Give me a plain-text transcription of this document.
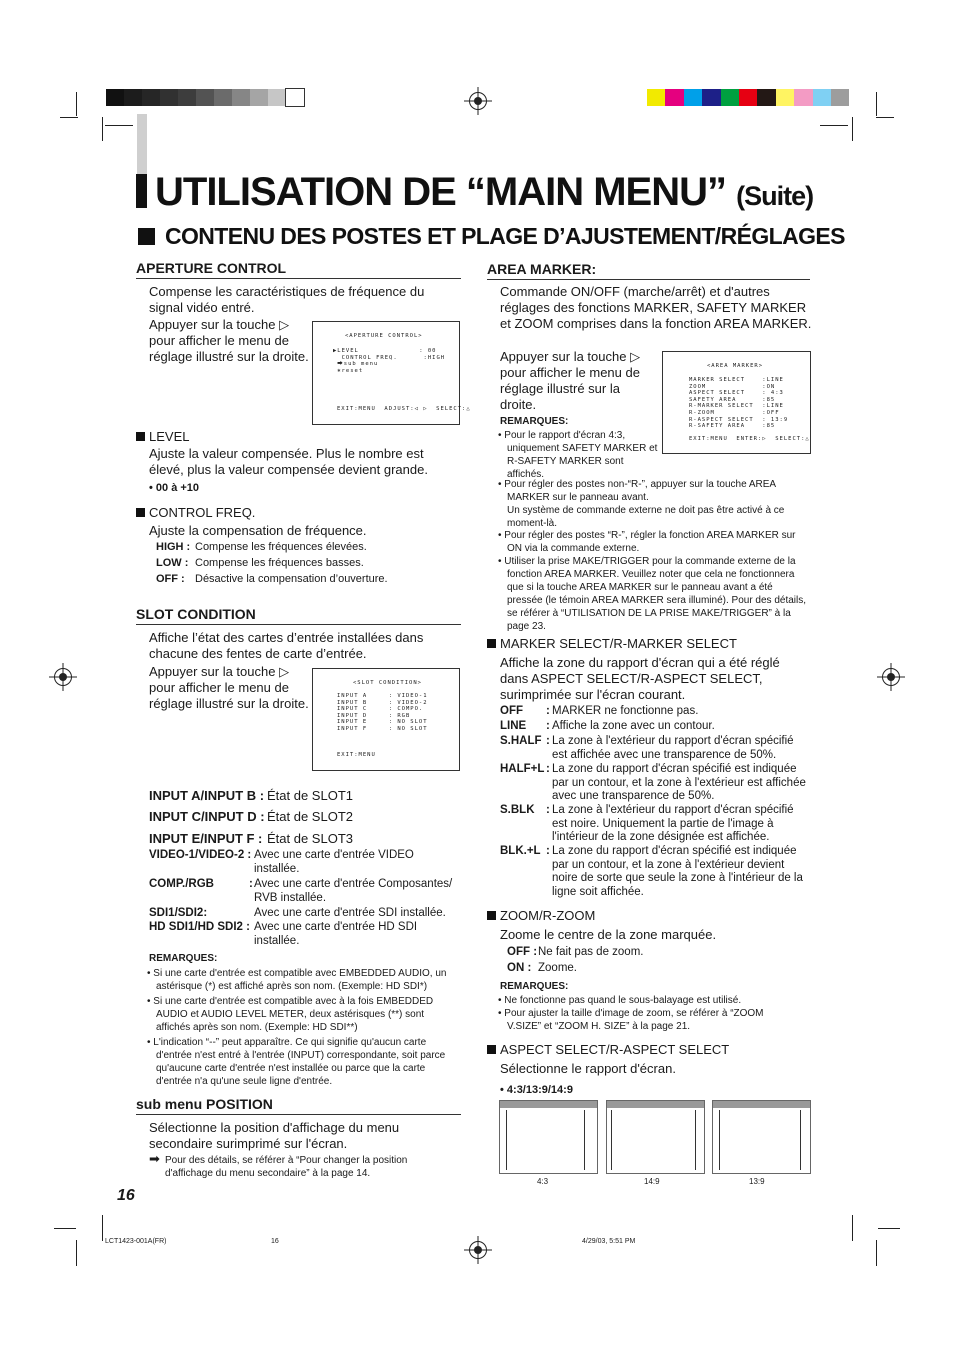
UTILISATION DE “MAIN MENU” (Suite)
CONTENU DES POSTES ET PLAGE D’AJUSTEMENT/RÉGLAGES
APERTURE CONTROL
Compense les caractéristiques de fréquence du signal vidéo entré.
Appuyer sur la touche ▷ pour afficher le menu de réglage illustré sur la droite.
<APERTURE CONTROL>
▶LEVEL              : 00
CONTROL FREQ.      :HIGH
⮕sub menu
⎈reset
EXIT:MENU  ADJUST:◁ ▷  SELECT:△
LEVEL
Ajuste la valeur compensée. Plus le nombre est élevé, plus la valeur compensée devient grande.
• 00 à +10
CONTROL FREQ.
Ajuste la compensation de fréquence.
HIGH : Compense les fréquences élevées.
LOW : Compense les fréquences basses.
OFF : Désactive la compensation d’ouverture.
SLOT CONDITION
Affiche l’état des cartes d’entrée installées dans chacune des fentes de carte d’entrée.
Appuyer sur la touche ▷ pour afficher le menu de réglage illustré sur la droite.
<SLOT CONDITION>
INPUT A     : VIDEO-1
INPUT B     : VIDEO-2
INPUT C     : COMPO.
INPUT D     : RGB
INPUT E     : NO SLOT
INPUT F     : NO SLOT
EXIT:MENU
INPUT A/INPUT B : État de SLOT1
INPUT C/INPUT D : État de SLOT2
INPUT E/INPUT F : État de SLOT3
VIDEO-1/VIDEO-2 : Avec une carte d'entrée VIDEO installée.
COMP./RGB	: Avec une carte d'entrée Composantes/ RVB installée.
SDI1/SDI2:	Avec une carte d'entrée SDI installée.
HD SDI1/HD SDI2 : Avec une carte d'entrée HD SDI installée.
REMARQUES:
• Si une carte d'entrée est compatible avec EMBEDDED AUDIO, un astérisque (*) est affiché après son nom. (Exemple: HD SDI*)
• Si une carte d'entrée est compatible avec à la fois EMBEDDED AUDIO et AUDIO LEVEL METER, deux astérisques (**) sont affichés après son nom. (Exemple: HD SDI**)
• L'indication “--” peut apparaître. Ce qui signifie qu'aucun carte d'entrée n'est entré à l'entrée (INPUT) correspondante, soit parce qu'aucune carte d'entrée n'est installée ou parce que la carte d'entrée n'a qu'une seule ligne d'entrée.
sub menu POSITION
Sélectionne la position d'affichage du menu secondaire surimprimé sur l'écran.
➡ Pour des détails, se référer à “Pour changer la position d'affichage du menu secondaire” à la page 14.
AREA MARKER:
Commande ON/OFF (marche/arrêt) et d'autres réglages des fonctions MARKER, SAFETY MARKER et ZOOM comprises dans la fonction AREA MARKER.
Appuyer sur la touche ▷ pour afficher le menu de réglage illustré sur la droite.
<AREA MARKER>
MARKER SELECT    :LINE
ZOOM             :ON
ASPECT SELECT    : 4:3
SAFETY AREA      :85
R-MARKER SELECT  :LINE
R-ZOOM           :OFF
R-ASPECT SELECT  : 13:9
R-SAFETY AREA    :85
EXIT:MENU  ENTER:▷  SELECT:△
REMARQUES:
• Pour le rapport d'écran 4:3, uniquement SAFETY MARKER et R-SAFETY MARKER sont affichés.
• Pour régler des postes non-“R-”, appuyer sur la touche AREA MARKER sur le panneau avant.
Un système de commande externe ne doit pas être activé à ce moment-là.
• Pour régler des postes “R-”, régler la fonction AREA MARKER sur ON via la commande externe.
• Utiliser la prise MAKE/TRIGGER pour la commande externe de la fonction AREA MARKER. Veuillez noter que cela ne fonctionnera que si la touche AREA MARKER sur le panneau avant a été pressée (le témoin AREA MARKER sera illuminé). Pour des détails, se référer à “UTILISATION DE LA PRISE MAKE/TRIGGER” à la page 23.
MARKER SELECT/R-MARKER SELECT
Affiche la zone du rapport d'écran qui a été réglé dans ASPECT SELECT/R-ASPECT SELECT, surimprimée sur l'écran courant.
OFF : MARKER ne fonctionne pas.
LINE : Affiche la zone avec un contour.
S.HALF : La zone à l'extérieur du rapport d'écran spécifié est affichée avec une transparence de 50%.
HALF+L : La zone du rapport d'écran spécifié est indiquée par un contour, et la zone à l'extérieur est affichée avec une transparence de 50%.
S.BLK : La zone à l'extérieur du rapport d'écran spécifié est noire. Uniquement la partie de l'image à l'intérieur de la zone désignée est affichée.
BLK.+L : La zone du rapport d'écran spécifié est indiquée par un contour, et la zone à l'extérieur devient noire de sorte que seule la zone à l'intérieur de la ligne soit affichée.
ZOOM/R-ZOOM
Zoome le centre de la zone marquée.
OFF : Ne fait pas de zoom.
ON : Zoome.
REMARQUES:
• Ne fonctionne pas quand le sous-balayage est utilisé.
• Pour ajuster la taille d'image de zoom, se référer à “ZOOM V.SIZE” et “ZOOM H. SIZE” à la page 21.
ASPECT SELECT/R-ASPECT SELECT
Sélectionne le rapport d'écran.
• 4:3/13:9/14:9
4:3	14:9	13:9
16
LCT1423-001A(FR)	16	4/29/03, 5:51 PM
